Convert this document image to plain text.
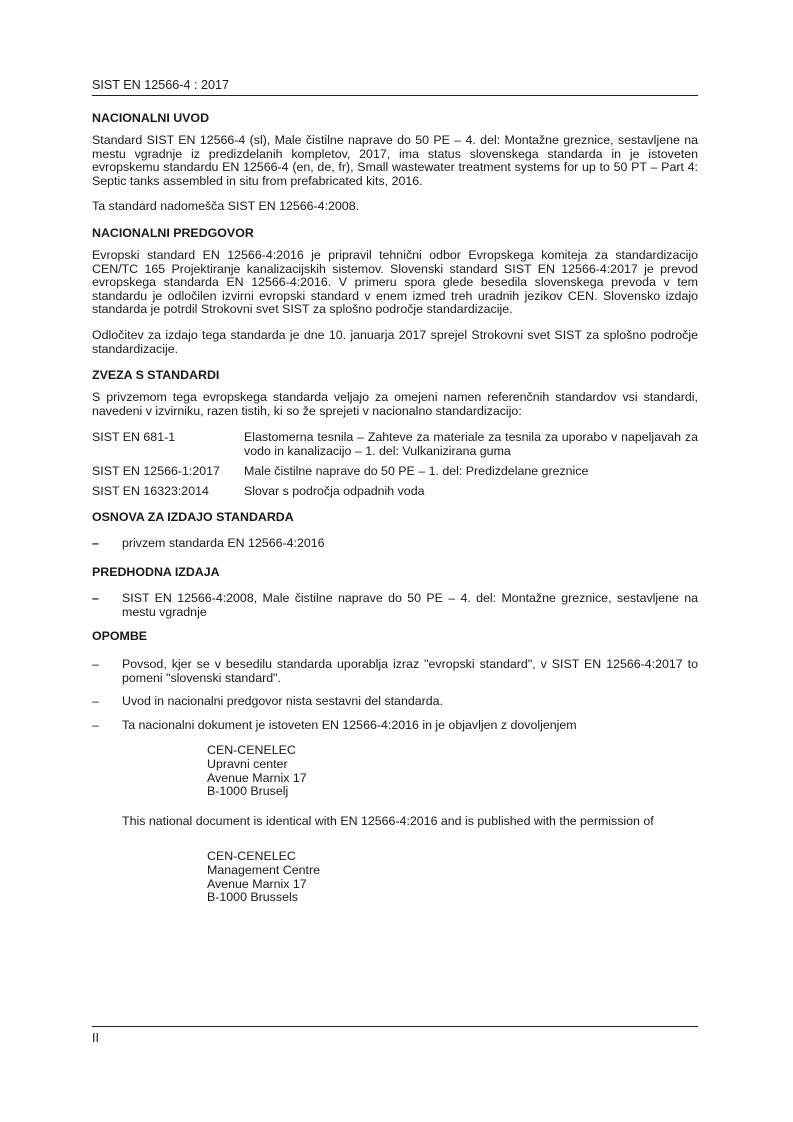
SIST EN 12566-4 : 2017
NACIONALNI UVOD

Standard SIST EN 12566-4 (sl), Male čistilne naprave do 50 PE – 4. del: Montažne greznice, sestavljene na mestu vgradnje iz predizdelanih kompletov, 2017, ima status slovenskega standarda in je istoveten evropskemu standardu EN 12566-4 (en, de, fr), Small wastewater treatment systems for up to 50 PT – Part 4: Septic tanks assembled in situ from prefabricated kits, 2016.

Ta standard nadomešča SIST EN 12566-4:2008.

NACIONALNI PREDGOVOR

Evropski standard EN 12566-4:2016 je pripravil tehnični odbor Evropskega komiteja za standardizacijo CEN/TC 165 Projektiranje kanalizacijskih sistemov. Slovenski standard SIST EN 12566-4:2017 je prevod evropskega standarda EN 12566-4:2016. V primeru spora glede besedila slovenskega prevoda v tem standardu je odločilen izvirni evropski standard v enem izmed treh uradnih jezikov CEN. Slovensko izdajo standarda je potrdil Strokovni svet SIST za splošno področje standardizacije.

Odločitev za izdajo tega standarda je dne 10. januarja 2017 sprejel Strokovni svet SIST za splošno področje standardizacije.

ZVEZA S STANDARDI

S privzemom tega evropskega standarda veljajo za omejeni namen referenčnih standardov vsi standardi, navedeni v izvirniku, razen tistih, ki so že sprejeti v nacionalno standardizacijo:

SIST EN 681-1	Elastomerna tesnila – Zahteve za materiale za tesnila za uporabo v napeljavah za vodo in kanalizacijo – 1. del: Vulkanizirana guma
SIST EN 12566-1:2017	Male čistilne naprave do 50 PE – 1. del: Predizdelane greznice
SIST EN 16323:2014	Slovar s področja odpadnih voda
OSNOVA ZA IZDAJO STANDARDA
–	privzem standarda EN 12566-4:2016
PREDHODNA IZDAJA
–	SIST EN 12566-4:2008, Male čistilne naprave do 50 PE – 4. del: Montažne greznice, sestavljene na mestu vgradnje
OPOMBE
–	Povsod, kjer se v besedilu standarda uporablja izraz "evropski standard", v SIST EN 12566-4:2017 to pomeni "slovenski standard".
–	Uvod in nacionalni predgovor nista sestavni del standarda.
–	Ta nacionalni dokument je istoveten EN 12566-4:2016 in je objavljen z dovoljenjem
CEN-CENELEC
Upravni center
Avenue Marnix 17
B-1000 Bruselj
This national document is identical with EN 12566-4:2016 and is published with the permission of
CEN-CENELEC
Management Centre
Avenue Marnix 17
B-1000 Brussels
II
